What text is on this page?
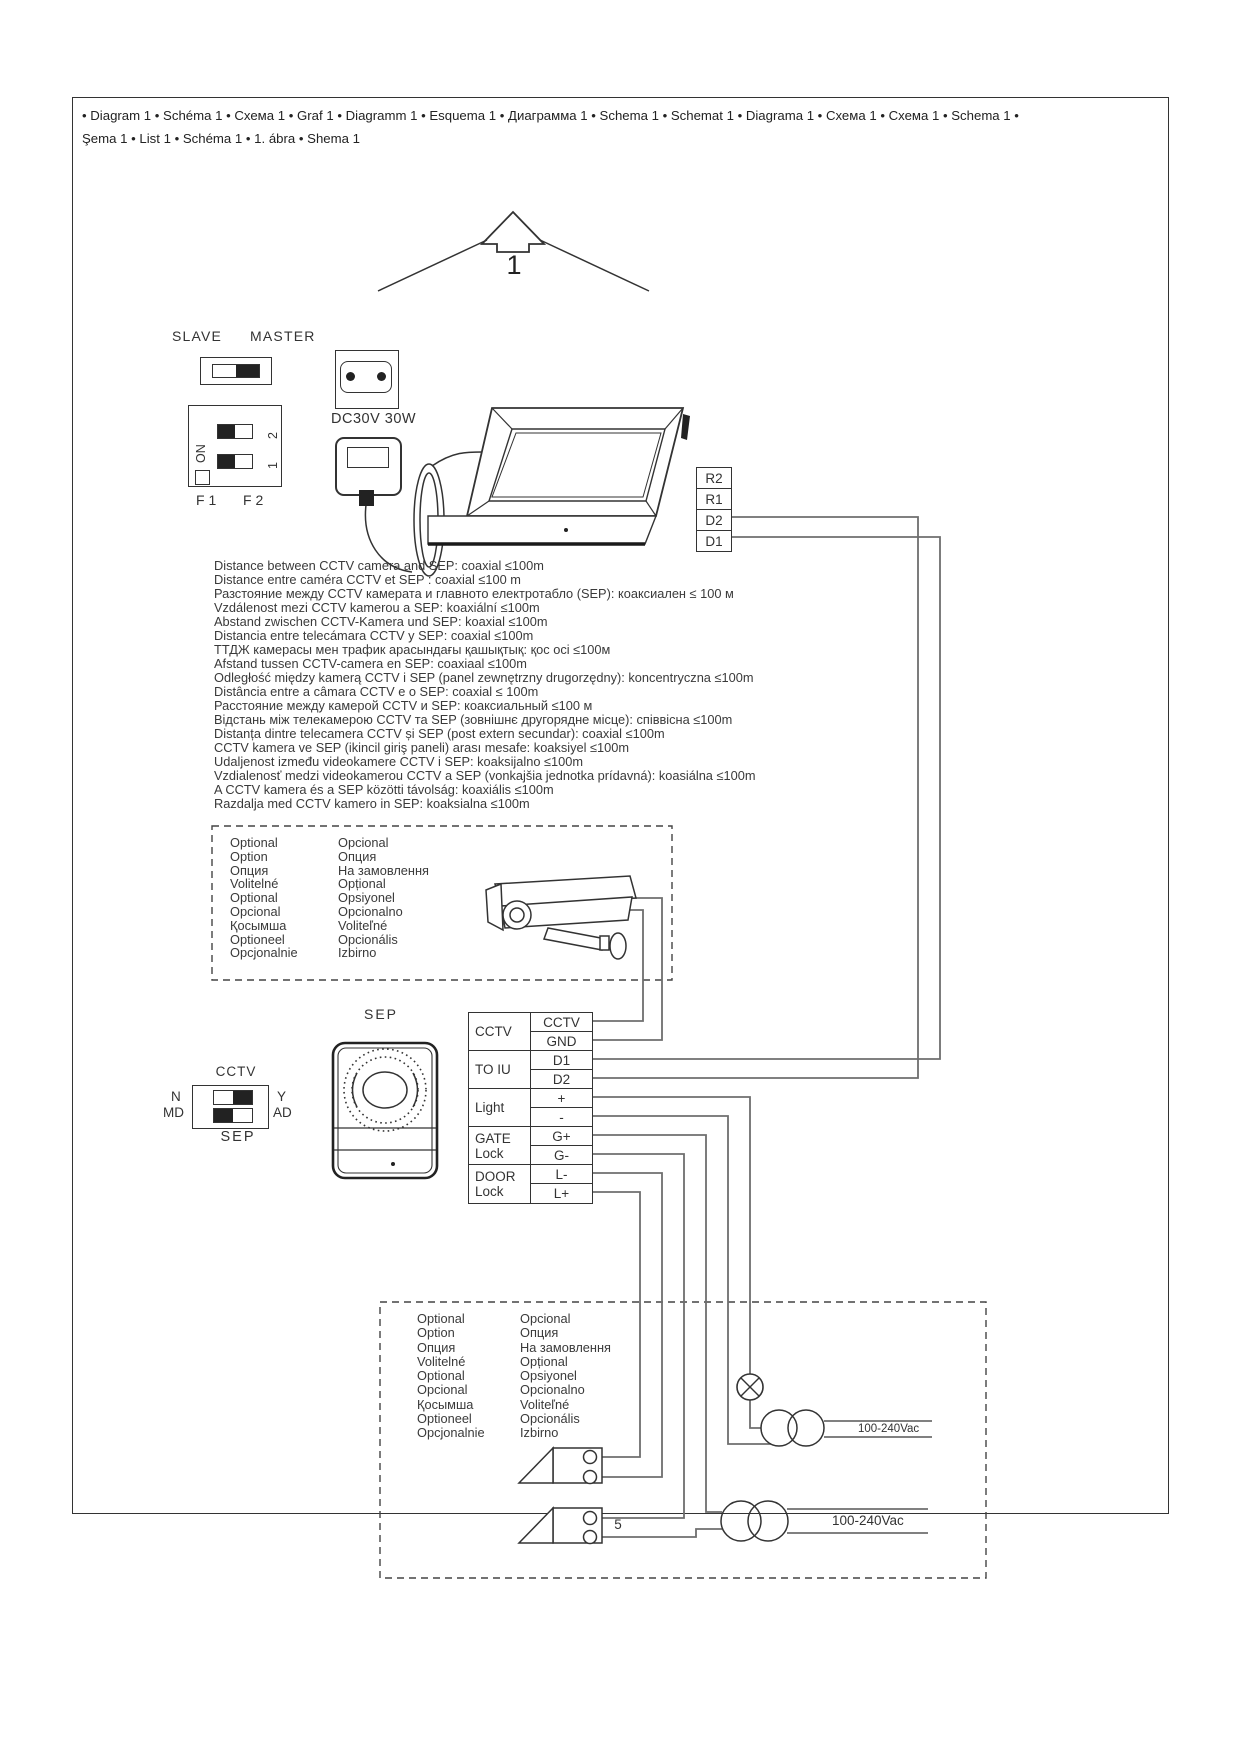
• Diagram 1 • Schéma 1 • Схема 1 • Graf 1 • Diagramm 1 • Esquema 1 • Диаграмма 1 • Schema 1 • Schemat 1 • Diagrama 1 • Схема 1 • Схема 1 • Schema 1 •
Şema 1 • List 1 • Schéma 1 • 1. ábra • Shema 1
1
SLAVE MASTER
ON
2
1
F 1 F 2
DC30V 30W
R2
R1
D2
D1
Distance between CCTV camera and SEP: coaxial ≤100m
Distance entre caméra CCTV et SEP : coaxial ≤100 m
Разстояние между CCTV камерата и главното електротабло (SEP): коаксиален ≤ 100 м
Vzdálenost mezi CCTV kamerou a SEP: koaxiální ≤100m
Abstand zwischen CCTV-Kamera und SEP: koaxial ≤100m
Distancia entre telecámara CCTV y SEP: coaxial ≤100m
ТТДЖ камерасы мен трафик арасындағы қашықтық: қос осі ≤100м
Afstand tussen CCTV-camera en SEP: coaxiaal ≤100m
Odległość między kamerą CCTV i SEP (panel zewnętrzny drugorzędny): koncentryczna ≤100m
Distância entre a câmara CCTV e o SEP: coaxial ≤ 100m
Расстояние между камерой CCTV и SEP: коаксиальный ≤100 м
Відстань між телекамерою CCTV та SEP (зовнішнє другорядне місце): співвісна ≤100m
Distanța dintre telecamera CCTV și SEP (post extern secundar): coaxial ≤100m
CCTV kamera ve SEP (ikincil giriş paneli) arası mesafe: koaksiyel ≤100m
Udaljenost između videokamere CCTV i SEP: koaksijalno ≤100m
Vzdialenosť medzi videokamerou CCTV a SEP (vonkajšia jednotka prídavná): koasiálna ≤100m
A CCTV kamera és a SEP közötti távolság: koaxiális ≤100m
Razdalja med CCTV kamero in SEP: koaksialna ≤100m
Optional
Option
Опция
Volitelné
Optional
Opcional
Қосымша
Optioneel
Opcjonalnie
Opcional
Опция
На замовлення
Opțional
Opsiyonel
Opcionalno
Voliteľné
Opcionális
Izbirno
SEP
CCTV
N
MD
Y
AD
SEP
CCTV
TO IU
Light
GATE Lock
DOOR Lock
CCTV
GND
D1
D2
+
-
G+
G-
L-
L+
Optional
Option
Опция
Volitelné
Optional
Opcional
Қосымша
Optioneel
Opcjonalnie
Opcional
Опция
На замовлення
Opțional
Opsiyonel
Opcionalno
Voliteľné
Opcionális
Izbirno	100-240Vac
100-240Vac
5
